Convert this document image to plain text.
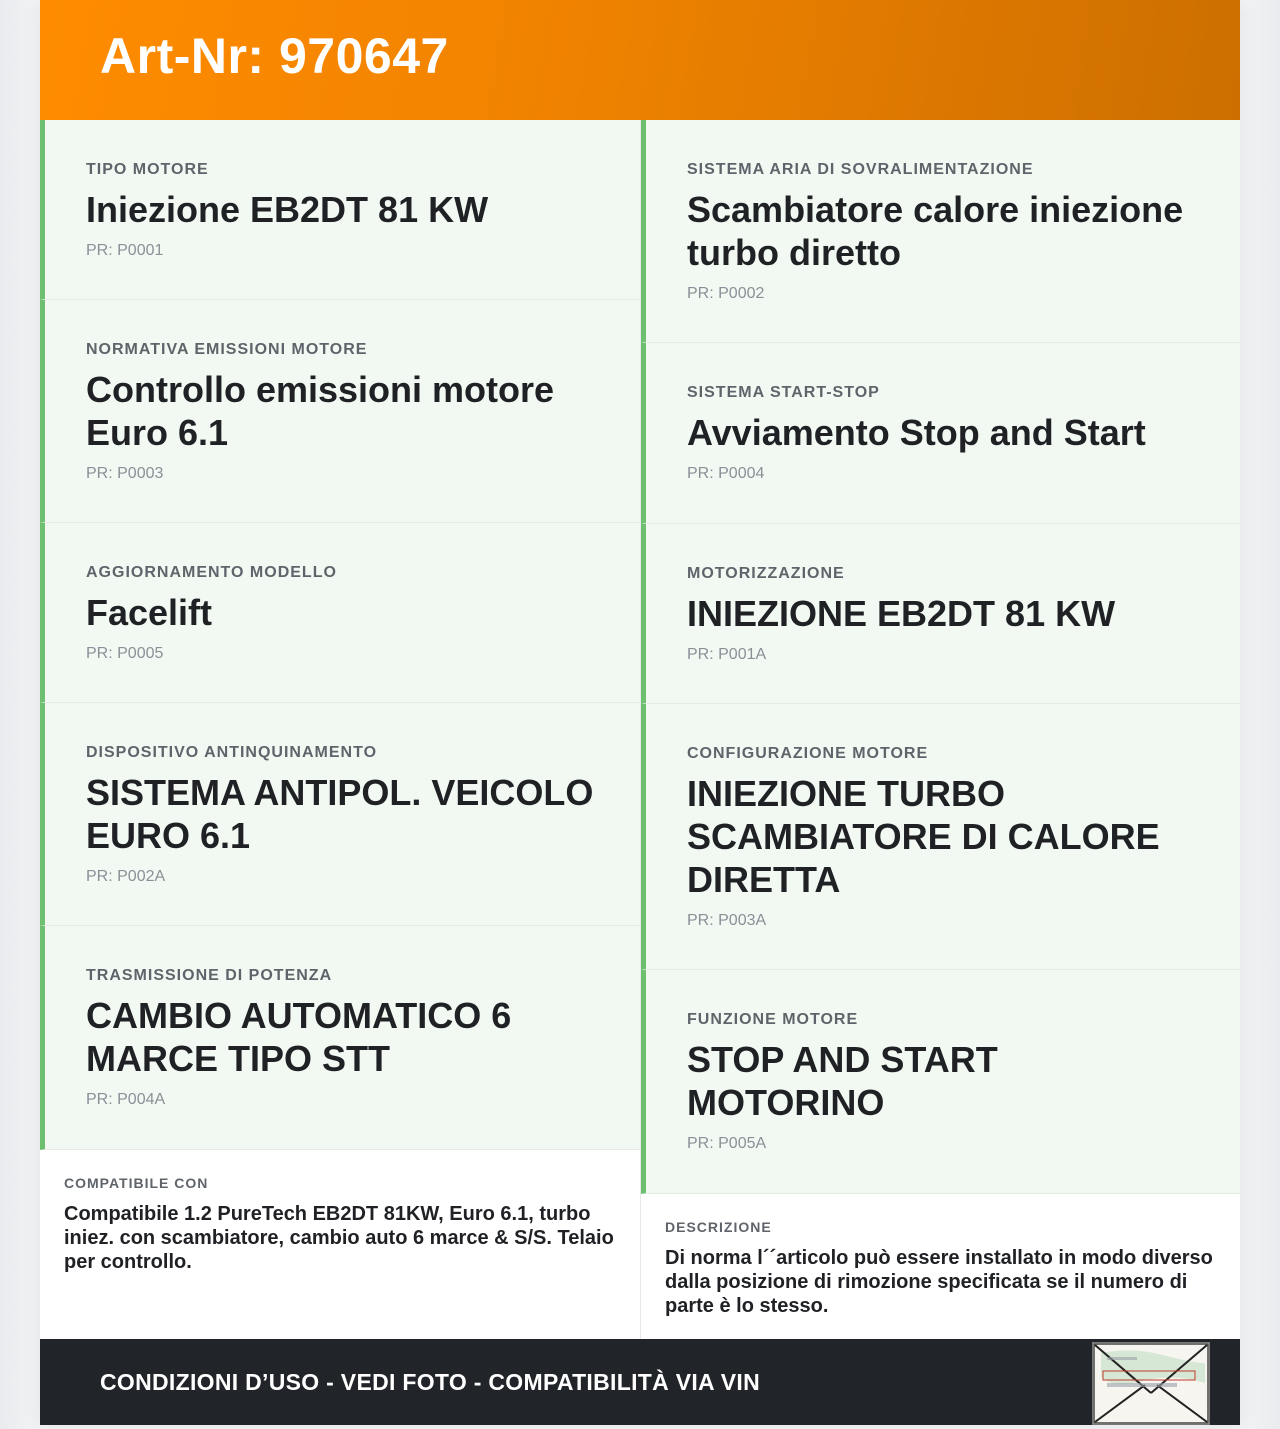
Art-Nr: 970647
TIPO MOTORE
Iniezione EB2DT 81 KW
PR: P0001
NORMATIVA EMISSIONI MOTORE
Controllo emissioni motore Euro 6.1
PR: P0003
AGGIORNAMENTO MODELLO
Facelift
PR: P0005
DISPOSITIVO ANTINQUINAMENTO
SISTEMA ANTIPOL. VEICOLO EURO 6.1
PR: P002A
TRASMISSIONE DI POTENZA
CAMBIO AUTOMATICO 6 MARCE TIPO STT
PR: P004A
COMPATIBILE CON
Compatibile 1.2 PureTech EB2DT 81KW, Euro 6.1, turbo iniez. con scambiatore, cambio auto 6 marce & S/S. Telaio per controllo.
SISTEMA ARIA DI SOVRALIMENTAZIONE
Scambiatore calore iniezione turbo diretto
PR: P0002
SISTEMA START-STOP
Avviamento Stop and Start
PR: P0004
MOTORIZZAZIONE
INIEZIONE EB2DT 81 KW
PR: P001A
CONFIGURAZIONE MOTORE
INIEZIONE TURBO SCAMBIATORE DI CALORE DIRETTA
PR: P003A
FUNZIONE MOTORE
STOP AND START MOTORINO
PR: P005A
DESCRIZIONE
Di norma l´´articolo può essere installato in modo diverso dalla posizione di rimozione specificata se il numero di parte è lo stesso.
CONDIZIONI D’USO - VEDI FOTO - COMPATIBILITÀ VIA VIN
